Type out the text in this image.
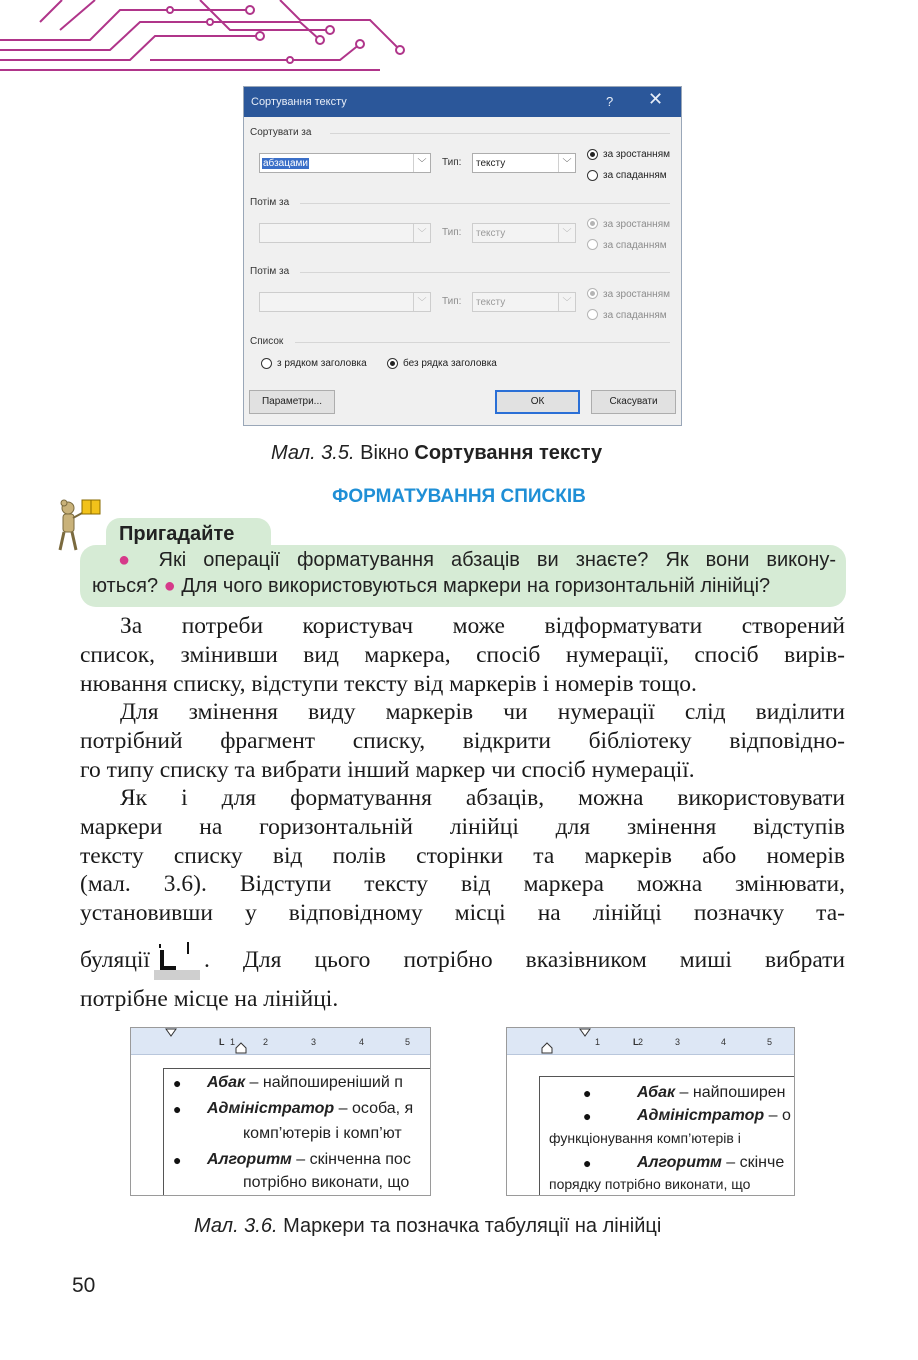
Сортування тексту	? ✕
Сортувати за
абзацами	﹀	Тип: тексту	﹀
за зростанням
за спаданням
Потім за
﹀	Тип: тексту	﹀
за зростанням
за спаданням
Потім за
﹀	Тип: тексту	﹀
за зростанням
за спаданням
Список
з рядком заголовка	без рядка заголовка
Параметри...	ОК	Скасувати
Мал. 3.5. Вікно Сортування тексту
ФОРМАТУВАННЯ СПИСКІВ
Пригадайте
● Які операції форматування абзаців ви знаєте? Як вони викону-
ються? ● Для чого використовуються маркери на горизонтальній лінійці?
За потреби користувач може відформатувати створений
список, змінивши вид маркера, спосіб нумерації, спосіб вирів-
нювання списку, відступи тексту від маркерів і номерів тощо.
Для змінення виду маркерів чи нумерації слід виділити
потрібний фрагмент списку, відкрити бібліотеку відповідно-
го типу списку та вибрати інший маркер чи спосіб нумерації.
Як і для форматування абзаців, можна використовувати
маркери на горизонтальній лінійці для змінення відступів
тексту списку від полів сторінки та маркерів або номерів
(мал. 3.6). Відступи тексту від маркера можна змінювати,
установивши у відповідному місці на лінійці позначку та-
буляції . Для цього потрібно вказівником миші вибрати
потрібне місце на лінійці.
L 1	2	3	4	5
● Абак – найпоширеніший п
● Адміністратор – особа, я
комп’ютерів і комп’ют
● Алгоритм – скінченна пос
потрібно виконати, що
1	L 2	3	4	5
●	Абак – найпоширен
●	Адміністратор – о
функціонування комп’ютерів і
●	Алгоритм – скінче
порядку потрібно виконати, що
Мал. 3.6. Маркери та позначка табуляції на лінійці
50
